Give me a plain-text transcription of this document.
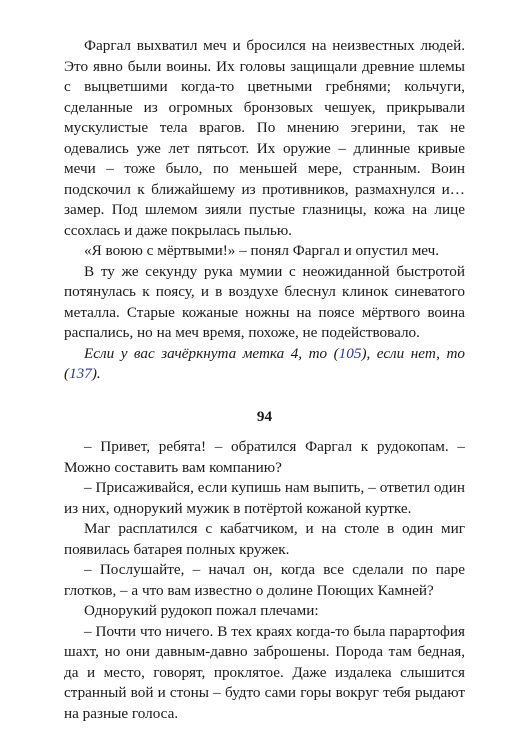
Фаргал выхватил меч и бросился на неизвестных людей. Это явно были воины. Их головы защищали древние шлемы с выцветшими когда-то цветными гребнями; кольчуги, сделанные из огромных бронзовых чешуек, прикрывали мускулистые тела врагов. По мнению эгерини, так не одевались уже лет пятьсот. Их оружие – длинные кривые мечи – тоже было, по меньшей мере, странным. Воин подскочил к ближайшему из противников, размахнулся и… замер. Под шлемом зияли пустые глазницы, кожа на лице ссохлась и даже покрылась пылью.

«Я воюю с мёртвыми!» – понял Фаргал и опустил меч.

В ту же секунду рука мумии с неожиданной быстротой потянулась к поясу, и в воздухе блеснул клинок синеватого металла. Старые кожаные ножны на поясе мёртвого воина распались, но на меч время, похоже, не подействовало.

Если у вас зачёркнута метка 4, то (105), если нет, то (137).

94

– Привет, ребята! – обратился Фаргал к рудокопам. – Можно составить вам компанию?

– Присаживайся, если купишь нам выпить, – ответил один из них, однорукий мужик в потёртой кожаной куртке.

Маг расплатился с кабатчиком, и на столе в один миг появилась батарея полных кружек.

– Послушайте, – начал он, когда все сделали по паре глотков, – а что вам известно о долине Поющих Камней?

Однорукий рудокоп пожал плечами:

– Почти что ничего. В тех краях когда-то была парартофия шахт, но они давным-давно заброшены. Порода там бедная, да и место, говорят, проклятое. Даже издалека слышится странный вой и стоны – будто сами горы вокруг тебя рыдают на разные голоса.
